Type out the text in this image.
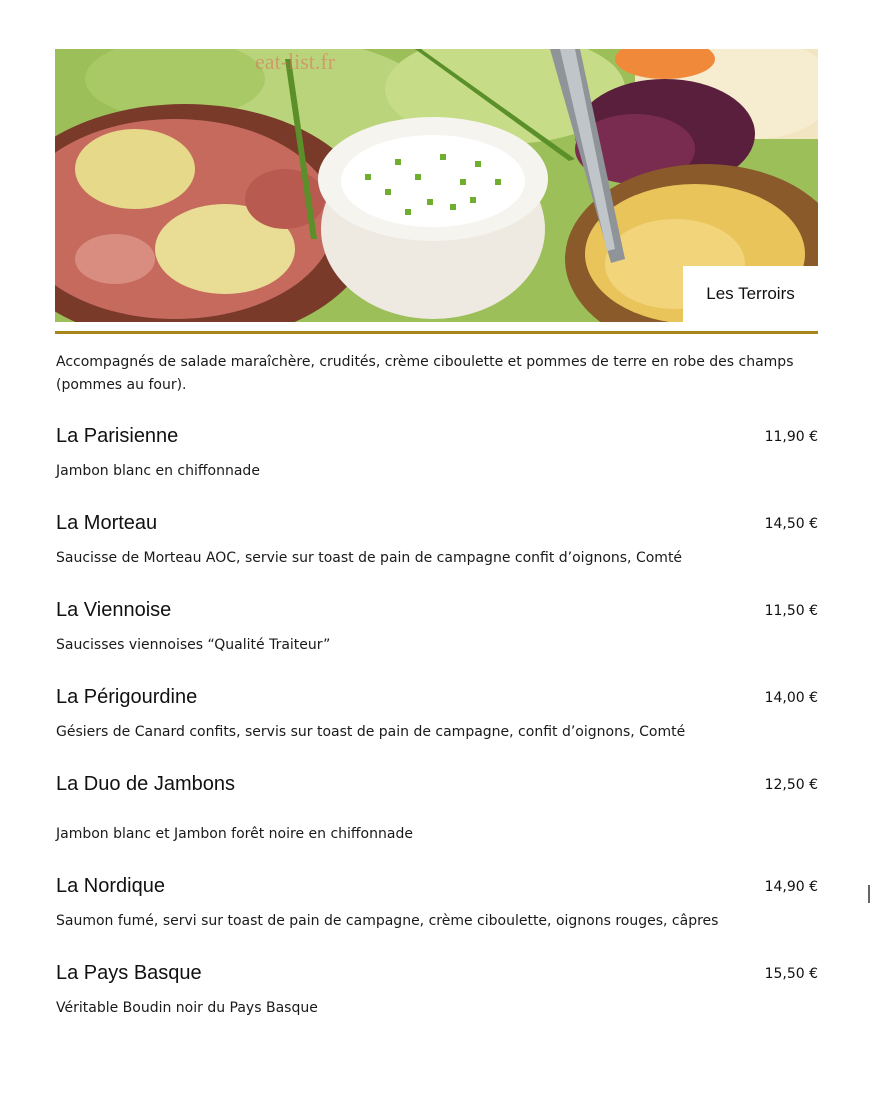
eat-list.fr
Les Terroirs
Accompagnés de salade maraîchère, crudités, crème ciboulette et pommes de terre en robe des champs (pommes au four).
La Parisienne	11,90 €
Jambon blanc en chiffonnade
La Morteau	14,50 €
Saucisse de Morteau AOC, servie sur toast de pain de campagne confit d’oignons, Comté
La Viennoise	11,50 €
Saucisses viennoises “Qualité Traiteur”
La Périgourdine	14,00 €
Gésiers de Canard confits, servis sur toast de pain de campagne, confit d’oignons, Comté
La Duo de Jambons	12,50 €
Jambon blanc et Jambon forêt noire en chiffonnade
La Nordique	14,90 €
Saumon fumé, servi sur toast de pain de campagne, crème ciboulette, oignons rouges, câpres
La Pays Basque	15,50 €
Véritable Boudin noir du Pays Basque
